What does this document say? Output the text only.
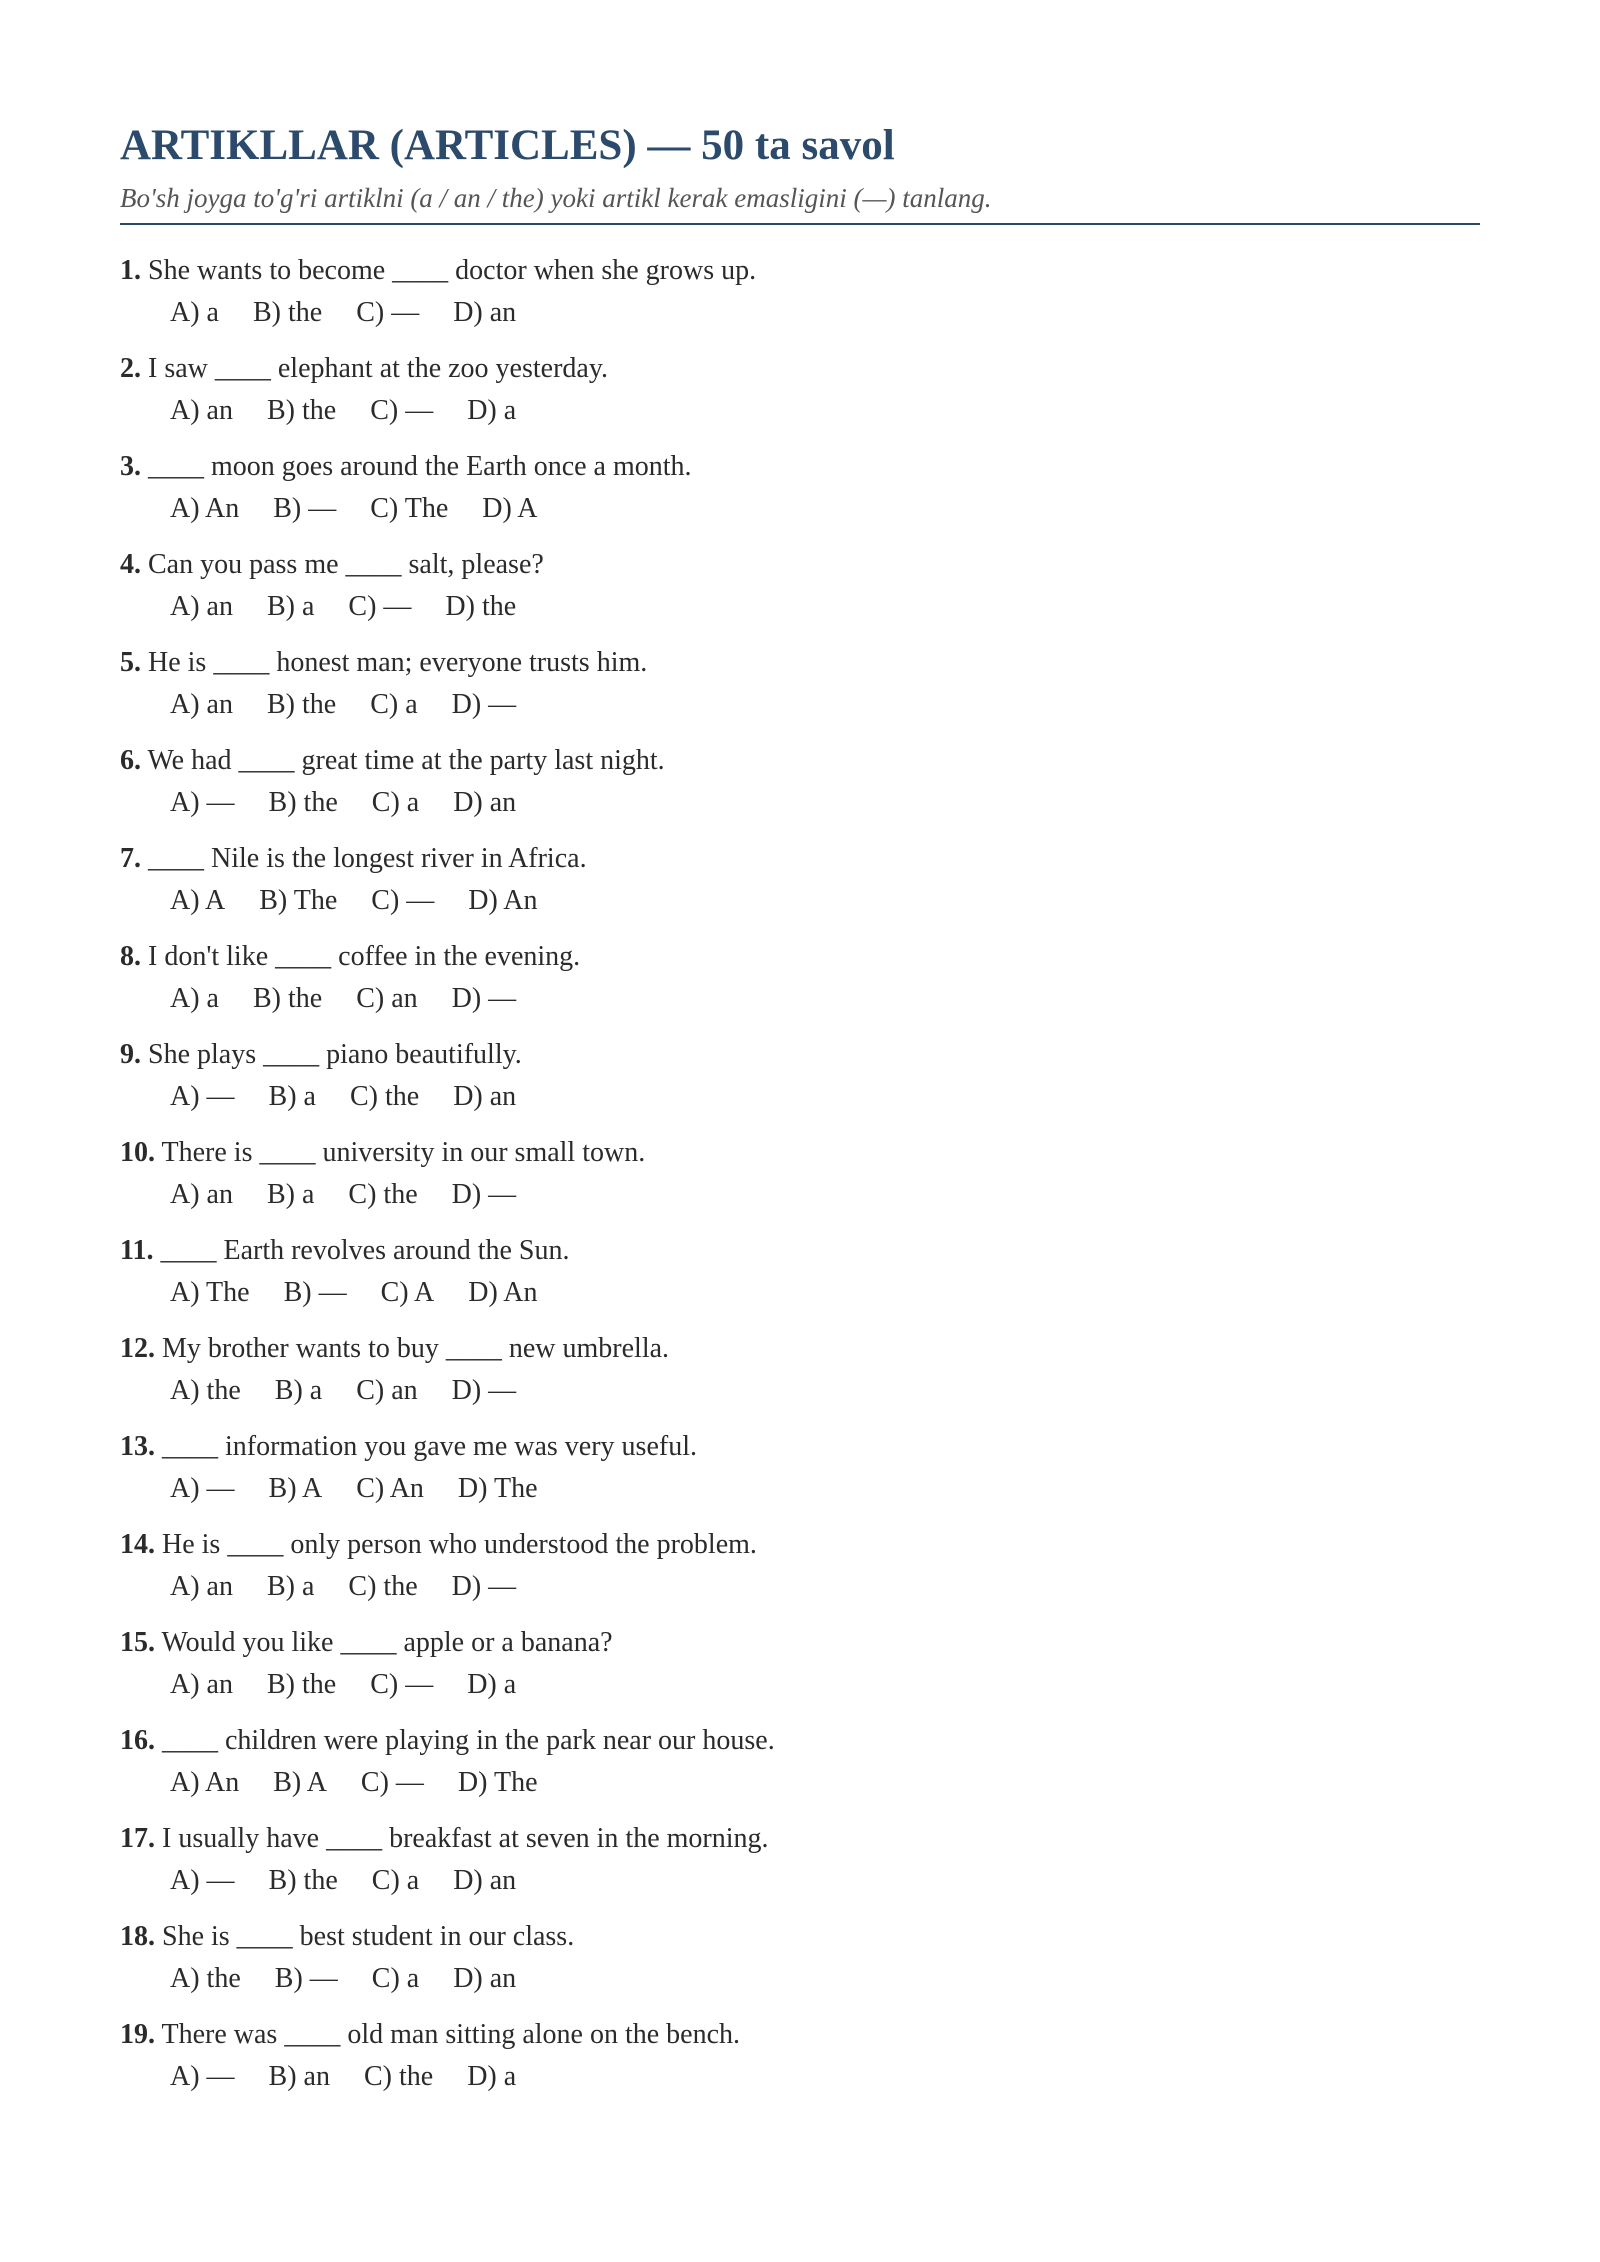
ARTIKLLAR (ARTICLES) — 50 ta savol
Bo'sh joyga to'g'ri artiklni (a / an / the) yoki artikl kerak emasligini (—) tanlang.
1. She wants to become ____ doctor when she grows up.
A) a B) the C) — D) an
2. I saw ____ elephant at the zoo yesterday.
A) an B) the C) — D) a
3. ____ moon goes around the Earth once a month.
A) An B) — C) The D) A
4. Can you pass me ____ salt, please?
A) an B) a C) — D) the
5. He is ____ honest man; everyone trusts him.
A) an B) the C) a D) —
6. We had ____ great time at the party last night.
A) — B) the C) a D) an
7. ____ Nile is the longest river in Africa.
A) A B) The C) — D) An
8. I don't like ____ coffee in the evening.
A) a B) the C) an D) —
9. She plays ____ piano beautifully.
A) — B) a C) the D) an
10. There is ____ university in our small town.
A) an B) a C) the D) —
11. ____ Earth revolves around the Sun.
A) The B) — C) A D) An
12. My brother wants to buy ____ new umbrella.
A) the B) a C) an D) —
13. ____ information you gave me was very useful.
A) — B) A C) An D) The
14. He is ____ only person who understood the problem.
A) an B) a C) the D) —
15. Would you like ____ apple or a banana?
A) an B) the C) — D) a
16. ____ children were playing in the park near our house.
A) An B) A C) — D) The
17. I usually have ____ breakfast at seven in the morning.
A) — B) the C) a D) an
18. She is ____ best student in our class.
A) the B) — C) a D) an
19. There was ____ old man sitting alone on the bench.
A) — B) an C) the D) a
